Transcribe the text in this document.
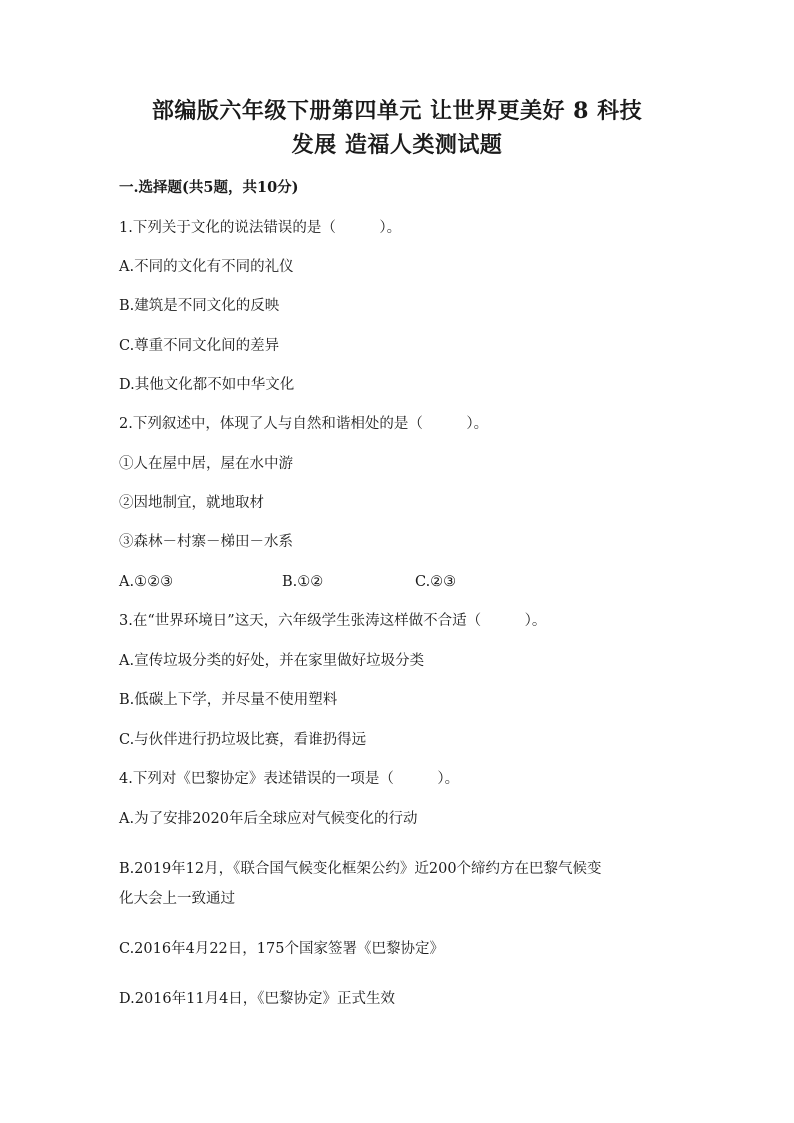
部编版六年级下册第四单元 让世界更美好 8 科技
发展 造福人类测试题

一.选择题(共5题，共10分)

1.下列关于文化的说法错误的是（　　　）。

A.不同的文化有不同的礼仪

B.建筑是不同文化的反映

C.尊重不同文化间的差异

D.其他文化都不如中华文化

2.下列叙述中，体现了人与自然和谐相处的是（　　　）。

①人在屋中居，屋在水中游

②因地制宜，就地取材

③森林－村寨－梯田－水系

A.①②③	B.①②	C.②③

3.在“世界环境日”这天，六年级学生张涛这样做不合适（　　　）。

A.宣传垃圾分类的好处，并在家里做好垃圾分类

B.低碳上下学，并尽量不使用塑料

C.与伙伴进行扔垃圾比赛，看谁扔得远

4.下列对《巴黎协定》表述错误的一项是（　　　）。

A.为了安排2020年后全球应对气候变化的行动

B.2019年12月，《联合国气候变化框架公约》近200个缔约方在巴黎气候变

化大会上一致通过

C.2016年4月22日，175个国家签署《巴黎协定》

D.2016年11月4日，《巴黎协定》正式生效
